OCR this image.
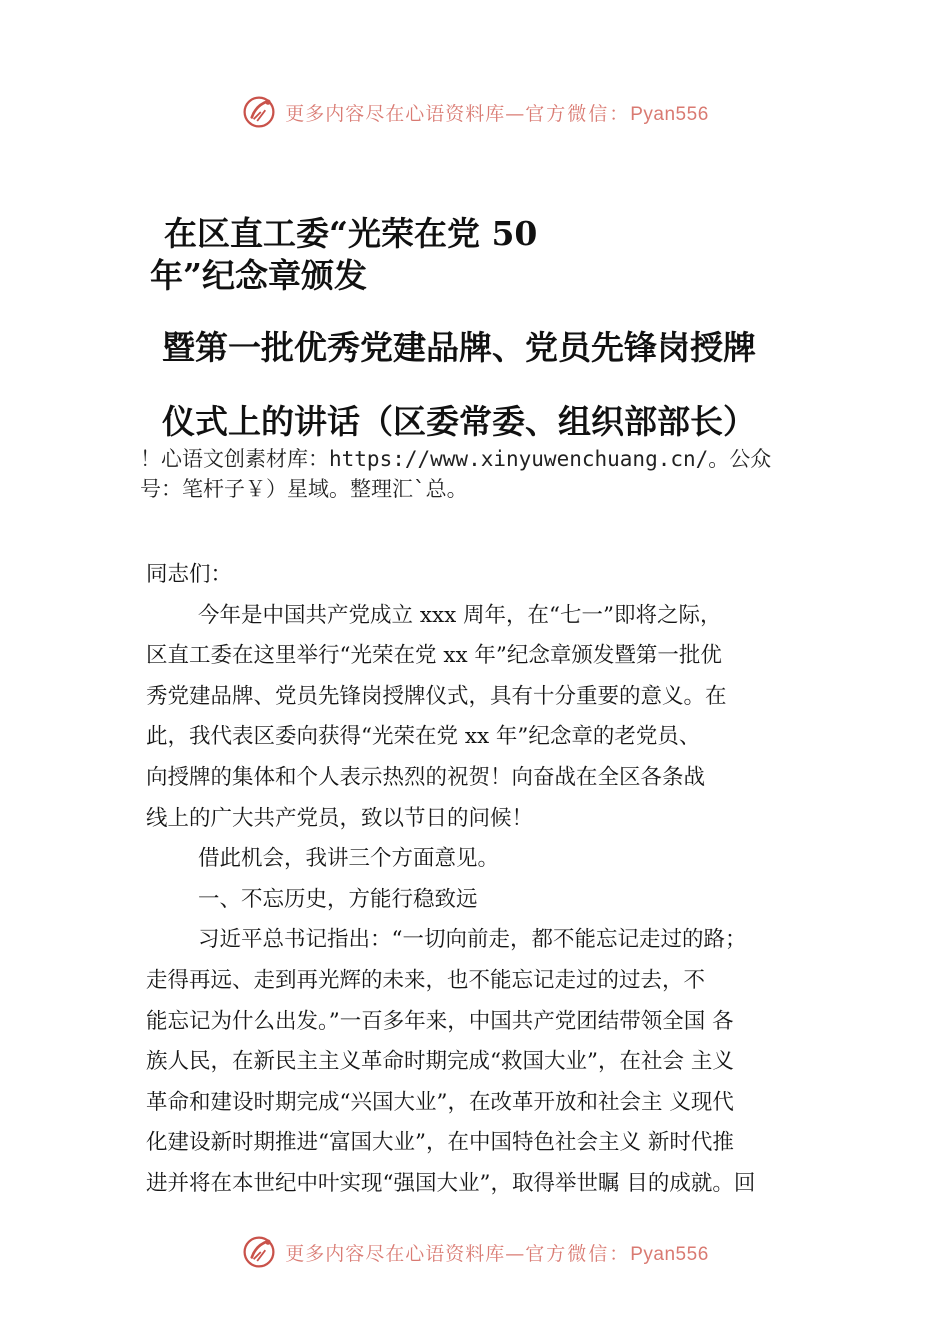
更多内容尽在心语资料库—官方微信：Pyan556
在区直工委“光荣在党 50
年”纪念章颁发
暨第一批优秀党建品牌、党员先锋岗授牌
仪式上的讲话（区委常委、组织部部长）
！心语文创素材库：https://www.xinyuwenchuang.cn/。公众
号：笔杆子￥）星域。整理汇`总。
同志们：
今年是中国共产党成立 xxx 周年，在“七一”即将之际，
区直工委在这里举行“光荣在党 xx 年”纪念章颁发暨第一批优
秀党建品牌、党员先锋岗授牌仪式，具有十分重要的意义。在
此，我代表区委向获得“光荣在党 xx 年”纪念章的老党员、
向授牌的集体和个人表示热烈的祝贺！向奋战在全区各条战
线上的广大共产党员，致以节日的问候！
借此机会，我讲三个方面意见。
一、不忘历史，方能行稳致远
习近平总书记指出：“一切向前走，都不能忘记走过的路；
走得再远、走到再光辉的未来，也不能忘记走过的过去，不
能忘记为什么出发。”一百多年来，中国共产党团结带领全国 各
族人民，在新民主主义革命时期完成“救国大业”，在社会 主义
革命和建设时期完成“兴国大业”，在改革开放和社会主 义现代
化建设新时期推进“富国大业”，在中国特色社会主义 新时代推
进并将在本世纪中叶实现“强国大业”，取得举世瞩 目的成就。回
更多内容尽在心语资料库—官方微信：Pyan556
